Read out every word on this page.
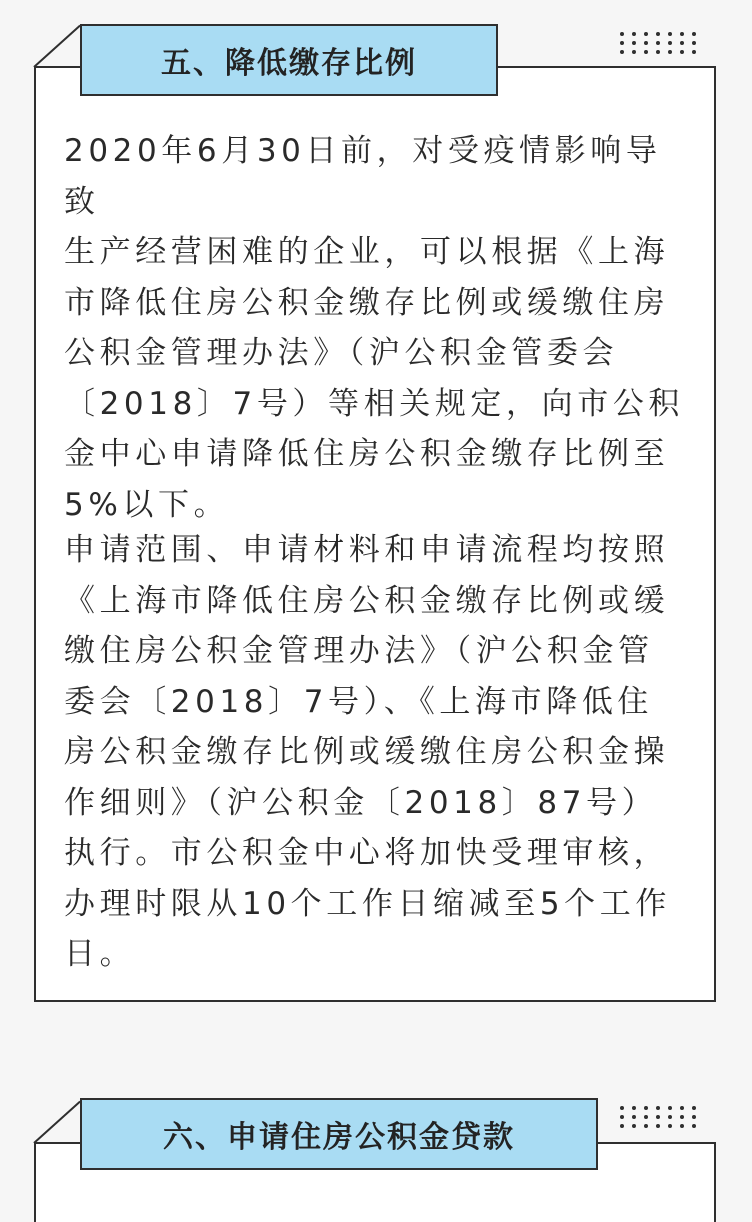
五、降低缴存比例

2020年6月30日前，对受疫情影响导致
生产经营困难的企业，可以根据《上海
市降低住房公积金缴存比例或缓缴住房
公积金管理办法》（沪公积金管委会
〔2018〕7号）等相关规定，向市公积
金中心申请降低住房公积金缴存比例至
5%以下。

申请范围、申请材料和申请流程均按照
《上海市降低住房公积金缴存比例或缓
缴住房公积金管理办法》（沪公积金管
委会〔2018〕7号）、《上海市降低住
房公积金缴存比例或缓缴住房公积金操
作细则》（沪公积金〔2018〕87号）
执行。市公积金中心将加快受理审核，
办理时限从10个工作日缩减至5个工作
日。

六、申请住房公积金贷款
